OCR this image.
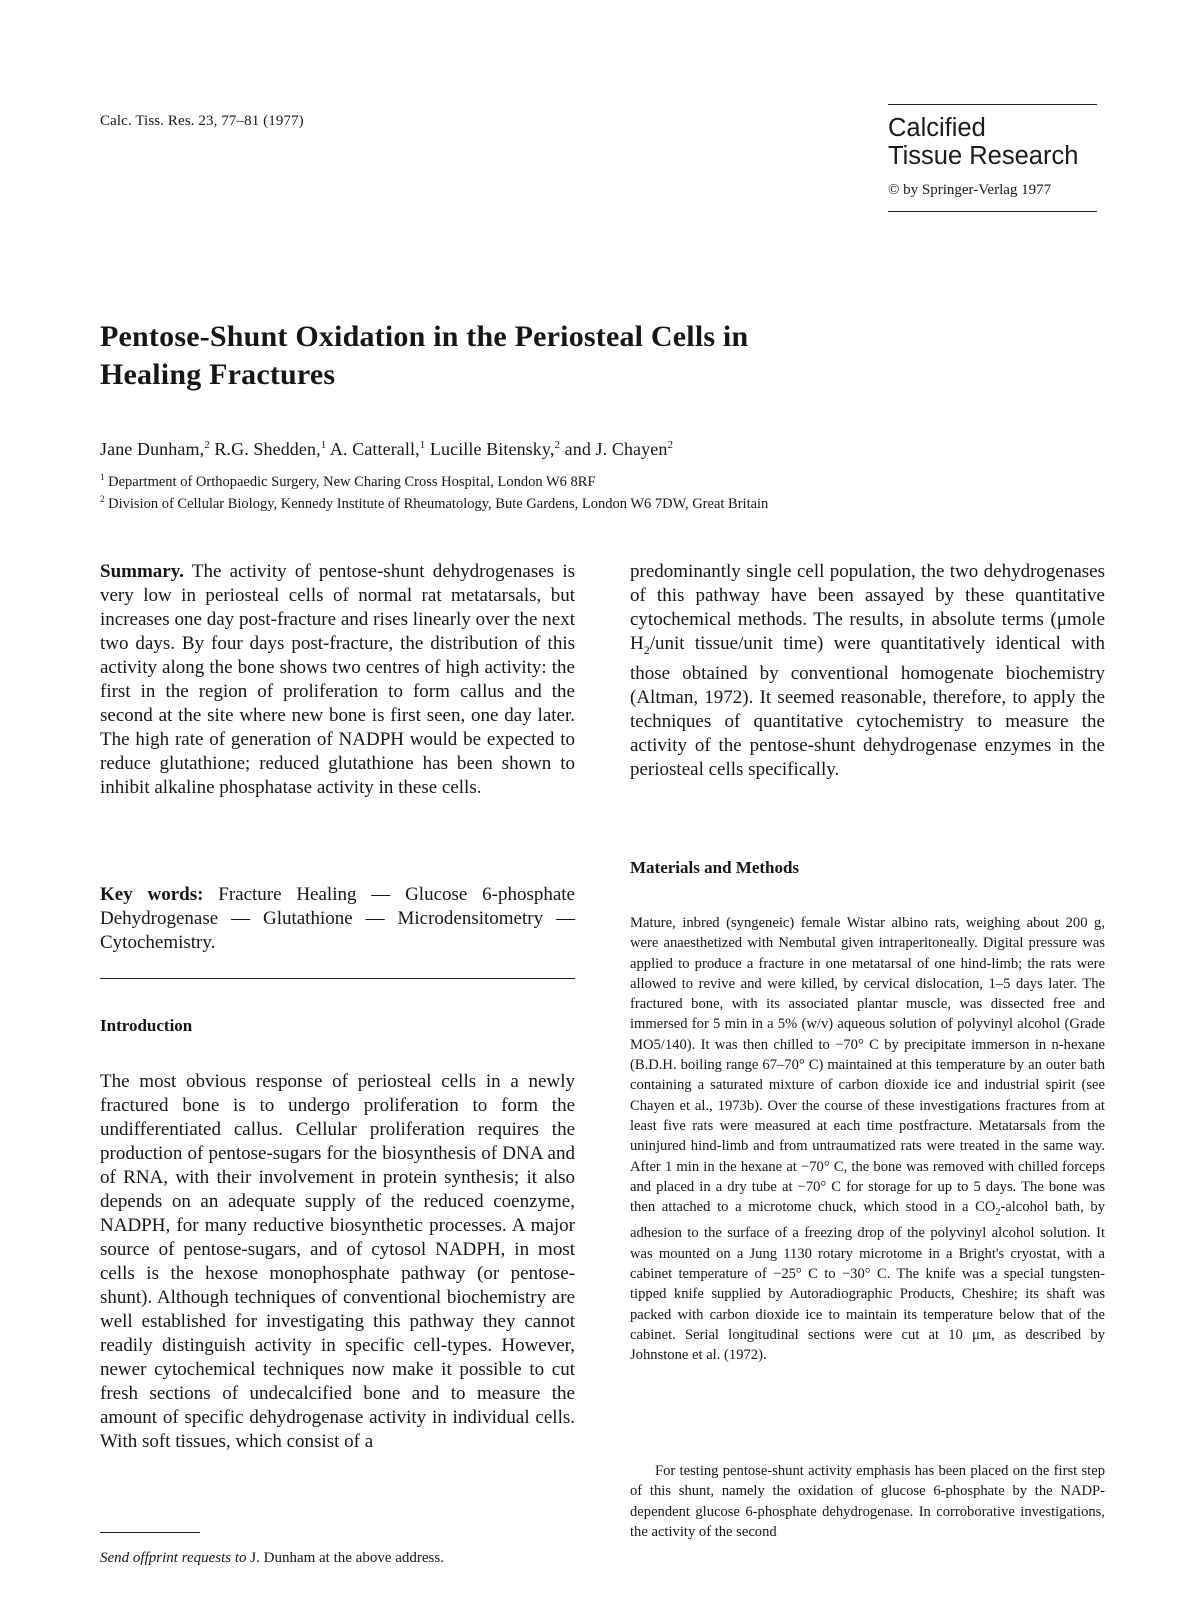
Calc. Tiss. Res. 23, 77–81 (1977)	Calcified
Tissue Research
© by Springer-Verlag 1977
Pentose-Shunt Oxidation in the Periosteal Cells in
Healing Fractures
Jane Dunham,$^2$ R.G. Shedden,$^1$ A. Catterall,$^1$ Lucille Bitensky,$^2$ and J. Chayen$^2$
$^1$ Department of Orthopaedic Surgery, New Charing Cross Hospital, London W6 8RF
$^2$ Division of Cellular Biology, Kennedy Institute of Rheumatology, Bute Gardens, London W6 7DW, Great Britain
Summary. The activity of pentose-shunt dehydrogenases is very low in periosteal cells of normal rat metatarsals, but increases one day post-fracture and rises linearly over the next two days. By four days post-fracture, the distribution of this activity along the bone shows two centres of high activity: the first in the region of proliferation to form callus and the second at the site where new bone is first seen, one day later. The high rate of generation of NADPH would be expected to reduce glutathione; reduced glutathione has been shown to inhibit alkaline phosphatase activity in these cells.
Key words: Fracture Healing — Glucose 6-phosphate Dehydrogenase — Glutathione — Microdensitometry — Cytochemistry.
Introduction
The most obvious response of periosteal cells in a newly fractured bone is to undergo proliferation to form the undifferentiated callus. Cellular proliferation requires the production of pentose-sugars for the biosynthesis of DNA and of RNA, with their involvement in protein synthesis; it also depends on an adequate supply of the reduced coenzyme, NADPH, for many reductive biosynthetic processes. A major source of pentose-sugars, and of cytosol NADPH, in most cells is the hexose monophosphate pathway (or pentose-shunt). Although techniques of conventional biochemistry are well established for investigating this pathway they cannot readily distinguish activity in specific cell-types. However, newer cytochemical techniques now make it possible to cut fresh sections of undecalcified bone and to measure the amount of specific dehydrogenase activity in individual cells. With soft tissues, which consist of a
predominantly single cell population, the two dehydrogenases of this pathway have been assayed by these quantitative cytochemical methods. The results, in absolute terms (μmole $H_2$/unit tissue/unit time) were quantitatively identical with those obtained by conventional homogenate biochemistry (Altman, 1972). It seemed reasonable, therefore, to apply the techniques of quantitative cytochemistry to measure the activity of the pentose-shunt dehydrogenase enzymes in the periosteal cells specifically.
Materials and Methods
Mature, inbred (syngeneic) female Wistar albino rats, weighing about 200 g, were anaesthetized with Nembutal given intraperitoneally. Digital pressure was applied to produce a fracture in one metatarsal of one hind-limb; the rats were allowed to revive and were killed, by cervical dislocation, 1–5 days later. The fractured bone, with its associated plantar muscle, was dissected free and immersed for 5 min in a 5% (w/v) aqueous solution of polyvinyl alcohol (Grade MO5/140). It was then chilled to −70° C by precipitate immerson in n-hexane (B.D.H. boiling range 67–70° C) maintained at this temperature by an outer bath containing a saturated mixture of carbon dioxide ice and industrial spirit (see Chayen et al., 1973b). Over the course of these investigations fractures from at least five rats were measured at each time postfracture. Metatarsals from the uninjured hind-limb and from untraumatized rats were treated in the same way. After 1 min in the hexane at −70° C, the bone was removed with chilled forceps and placed in a dry tube at −70° C for storage for up to 5 days. The bone was then attached to a microtome chuck, which stood in a $CO_2$-alcohol bath, by adhesion to the surface of a freezing drop of the polyvinyl alcohol solution. It was mounted on a Jung 1130 rotary microtome in a Bright's cryostat, with a cabinet temperature of −25° C to −30° C. The knife was a special tungsten-tipped knife supplied by Autoradiographic Products, Cheshire; its shaft was packed with carbon dioxide ice to maintain its temperature below that of the cabinet. Serial longitudinal sections were cut at 10 μm, as described by Johnstone et al. (1972).
For testing pentose-shunt activity emphasis has been placed on the first step of this shunt, namely the oxidation of glucose 6-phosphate by the NADP-dependent glucose 6-phosphate dehydrogenase. In corroborative investigations, the activity of the second
Send offprint requests to J. Dunham at the above address.
